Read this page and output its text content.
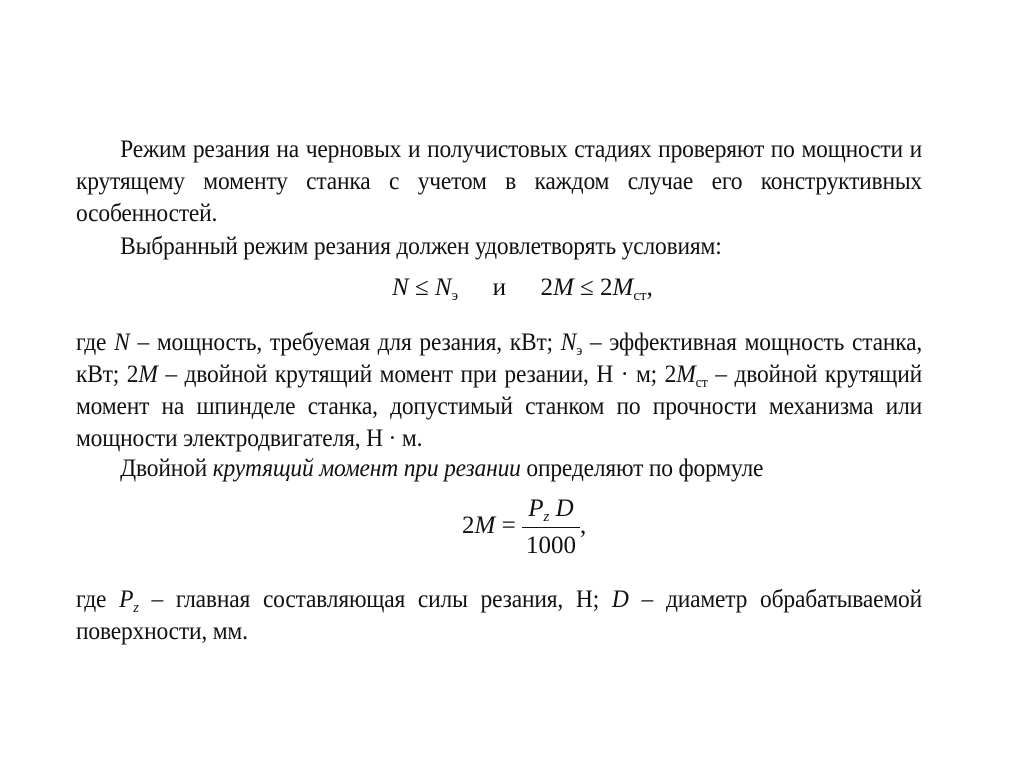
Режим резания на черновых и получистовых стадиях проверяют по мощности и крутящему моменту станка с учетом в каждом случае его конструктивных особенностей.
Выбранный режим резания должен удовлетворять условиям:
$N \le N_э$ и $2M \le 2M_{ст}$,
где N – мощность, требуемая для резания, кВт; $N_э$ – эффективная мощность станка, кВт; 2M – двойной крутящий момент при резании, Н · м; $2M_{ст}$ – двойной крутящий момент на шпинделе станка, допустимый станком по прочности механизма или мощности электродвигателя, Н · м.
Двойной крутящий момент при резании определяют по формуле
$2M = \frac{P_z D}{1000}$ ,
где $P_z$ – главная составляющая силы резания, Н; D – диаметр обрабатываемой поверхности, мм.
